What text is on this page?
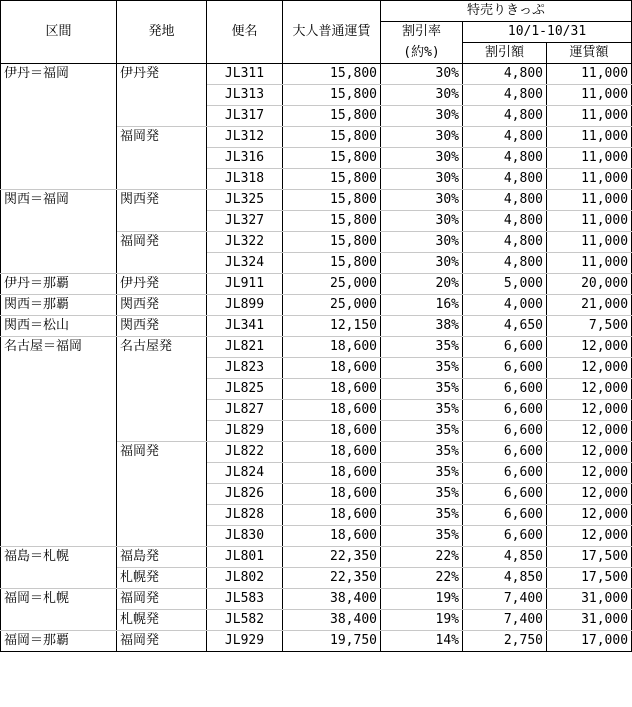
区間	発地	便名	大人普通運賃	特売りきっぷ		
				割引率	10/1-10/31	
				(約%)	割引額	運賃額
伊丹＝福岡	伊丹発	JL311	15,800	30%	4,800	11,000
		JL313	15,800	30%	4,800	11,000
		JL317	15,800	30%	4,800	11,000
	福岡発	JL312	15,800	30%	4,800	11,000
		JL316	15,800	30%	4,800	11,000
		JL318	15,800	30%	4,800	11,000
関西＝福岡	関西発	JL325	15,800	30%	4,800	11,000
		JL327	15,800	30%	4,800	11,000
	福岡発	JL322	15,800	30%	4,800	11,000
		JL324	15,800	30%	4,800	11,000
伊丹＝那覇	伊丹発	JL911	25,000	20%	5,000	20,000
関西＝那覇	関西発	JL899	25,000	16%	4,000	21,000
関西＝松山	関西発	JL341	12,150	38%	4,650	7,500
名古屋＝福岡	名古屋発	JL821	18,600	35%	6,600	12,000
		JL823	18,600	35%	6,600	12,000
		JL825	18,600	35%	6,600	12,000
		JL827	18,600	35%	6,600	12,000
		JL829	18,600	35%	6,600	12,000
	福岡発	JL822	18,600	35%	6,600	12,000
		JL824	18,600	35%	6,600	12,000
		JL826	18,600	35%	6,600	12,000
		JL828	18,600	35%	6,600	12,000
		JL830	18,600	35%	6,600	12,000
福島＝札幌	福島発	JL801	22,350	22%	4,850	17,500
	札幌発	JL802	22,350	22%	4,850	17,500
福岡＝札幌	福岡発	JL583	38,400	19%	7,400	31,000
	札幌発	JL582	38,400	19%	7,400	31,000
福岡＝那覇	福岡発	JL929	19,750	14%	2,750	17,000
